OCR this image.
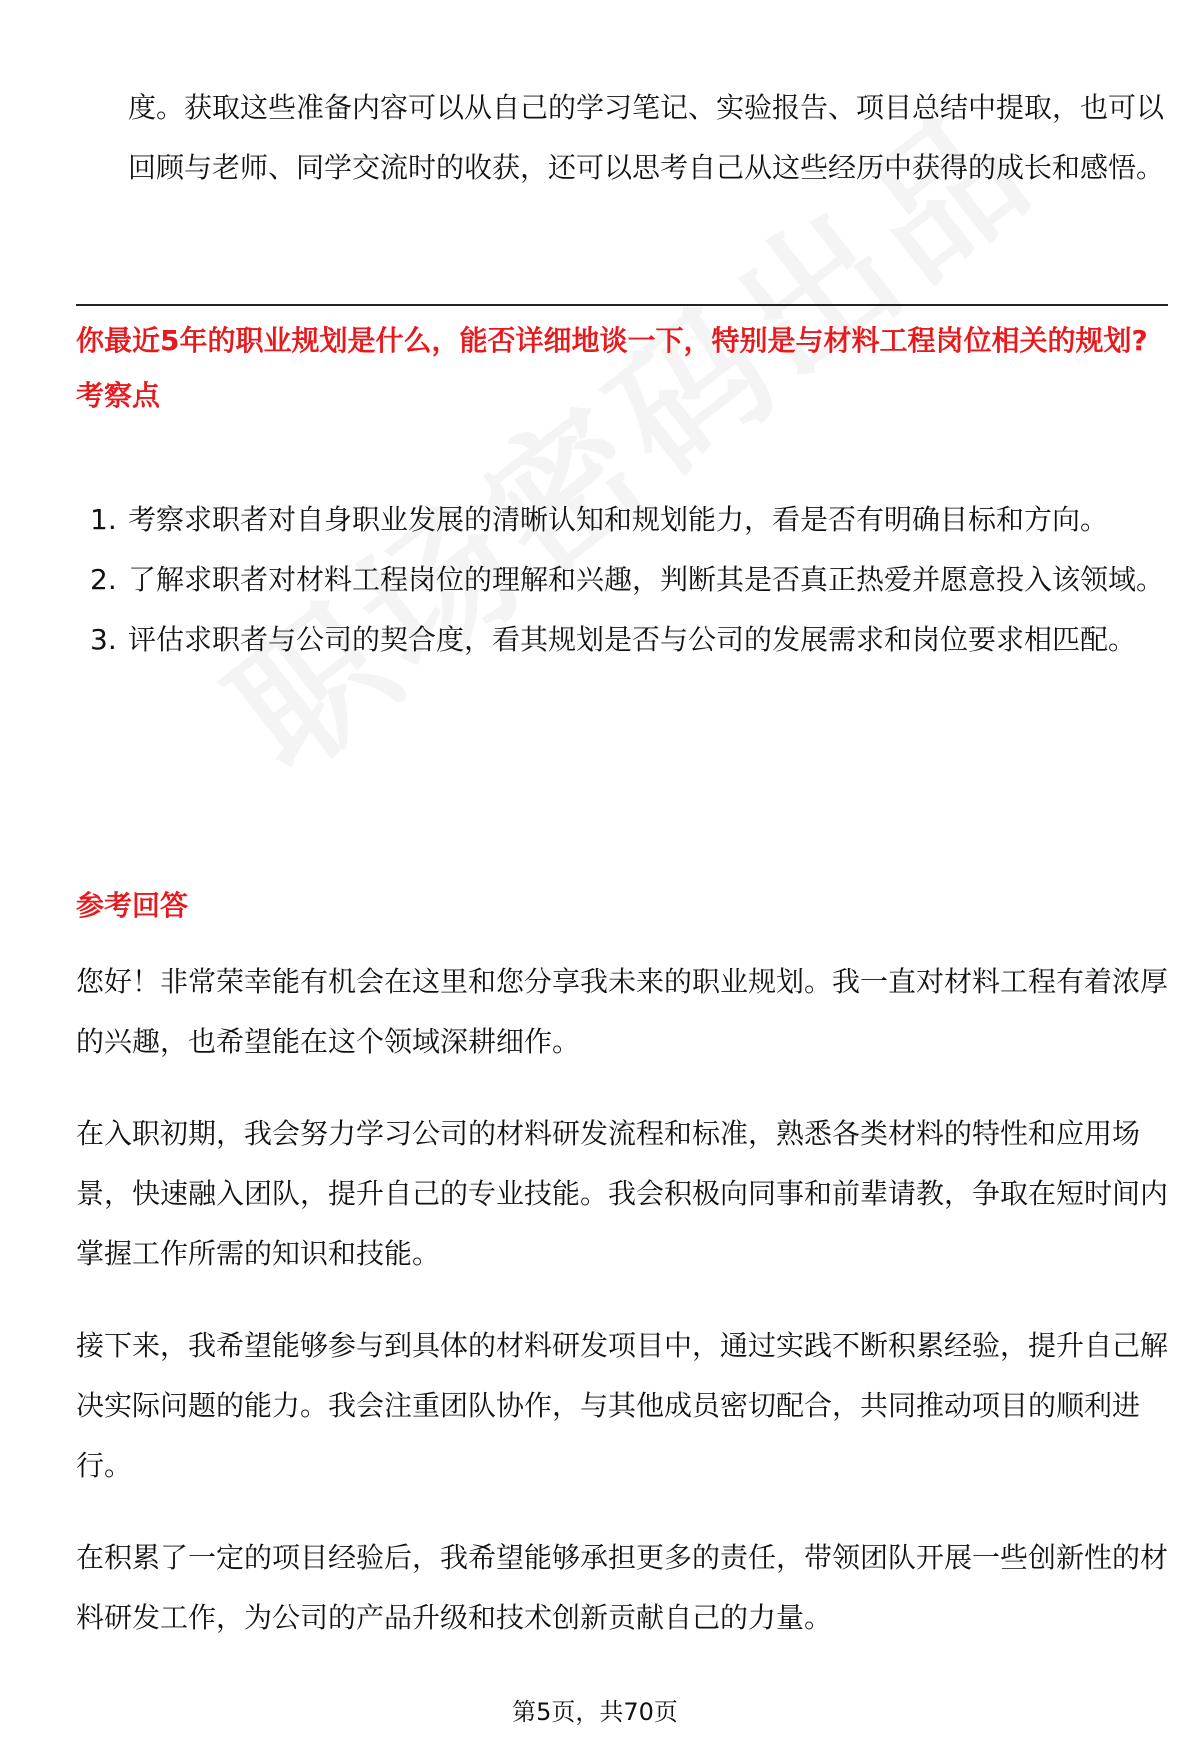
度。获取这些准备内容可以从自己的学习笔记、实验报告、项目总结中提取，也可以回顾与老师、同学交流时的收获，还可以思考自己从这些经历中获得的成长和感悟。

你最近5年的职业规划是什么，能否详细地谈一下，特别是与材料工程岗位相关的规划?

考察点

1. 考察求职者对自身职业发展的清晰认知和规划能力，看是否有明确目标和方向。
2. 了解求职者对材料工程岗位的理解和兴趣，判断其是否真正热爱并愿意投入该领域。
3. 评估求职者与公司的契合度，看其规划是否与公司的发展需求和岗位要求相匹配。

参考回答

您好！非常荣幸能有机会在这里和您分享我未来的职业规划。我一直对材料工程有着浓厚的兴趣，也希望能在这个领域深耕细作。

在入职初期，我会努力学习公司的材料研发流程和标准，熟悉各类材料的特性和应用场景，快速融入团队，提升自己的专业技能。我会积极向同事和前辈请教，争取在短时间内掌握工作所需的知识和技能。

接下来，我希望能够参与到具体的材料研发项目中，通过实践不断积累经验，提升自己解决实际问题的能力。我会注重团队协作，与其他成员密切配合，共同推动项目的顺利进行。

在积累了一定的项目经验后，我希望能够承担更多的责任，带领团队开展一些创新性的材料研发工作，为公司的产品升级和技术创新贡献自己的力量。

第5页，共70页
